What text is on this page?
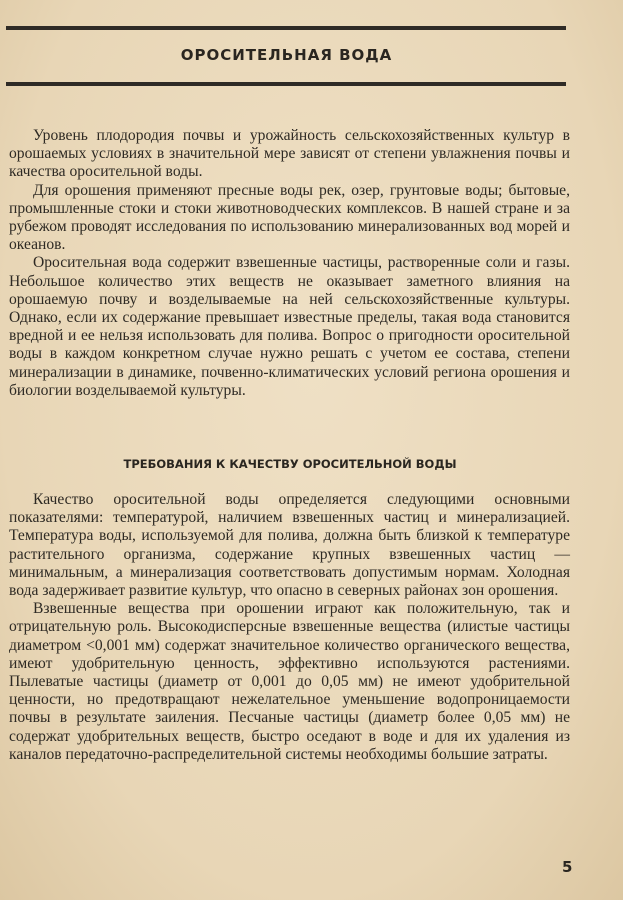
ОРОСИТЕЛЬНАЯ ВОДА

Уровень плодородия почвы и урожайность сельскохозяйственных культур в орошаемых условиях в значительной мере зависят от степени увлажнения почвы и качества оросительной воды.

Для орошения применяют пресные воды рек, озер, грунтовые воды; бытовые, промышленные стоки и стоки животноводческих комплексов. В нашей стране и за рубежом проводят исследования по использованию минерализованных вод морей и океанов.

Оросительная вода содержит взвешенные частицы, растворенные соли и газы. Небольшое количество этих веществ не оказывает заметного влияния на орошаемую почву и возделываемые на ней сельскохозяйственные культуры. Однако, если их содержание превышает известные пределы, такая вода становится вредной и ее нельзя использовать для полива. Вопрос о пригодности оросительной воды в каждом конкретном случае нужно решать с учетом ее состава, степени минерализации в динамике, почвенно-климатических условий региона орошения и биологии возделываемой культуры.

ТРЕБОВАНИЯ К КАЧЕСТВУ ОРОСИТЕЛЬНОЙ ВОДЫ

Качество оросительной воды определяется следующими основными показателями: температурой, наличием взвешенных частиц и минерализацией. Температура воды, используемой для полива, должна быть близкой к температуре растительного организма, содержание крупных взвешенных частиц — минимальным, а минерализация соответствовать допустимым нормам. Холодная вода задерживает развитие культур, что опасно в северных районах зон орошения.

Взвешенные вещества при орошении играют как положительную, так и отрицательную роль. Высокодисперсные взвешенные вещества (илистые частицы диаметром <0,001 мм) содержат значительное количество органического вещества, имеют удобрительную ценность, эффективно используются растениями. Пылеватые частицы (диаметр от 0,001 до 0,05 мм) не имеют удобрительной ценности, но предотвращают нежелательное уменьшение водопроницаемости почвы в результате заиления. Песчаные частицы (диаметр более 0,05 мм) не содержат удобрительных веществ, быстро оседают в воде и для их удаления из каналов передаточно-распределительной системы необходимы большие затраты.

5
